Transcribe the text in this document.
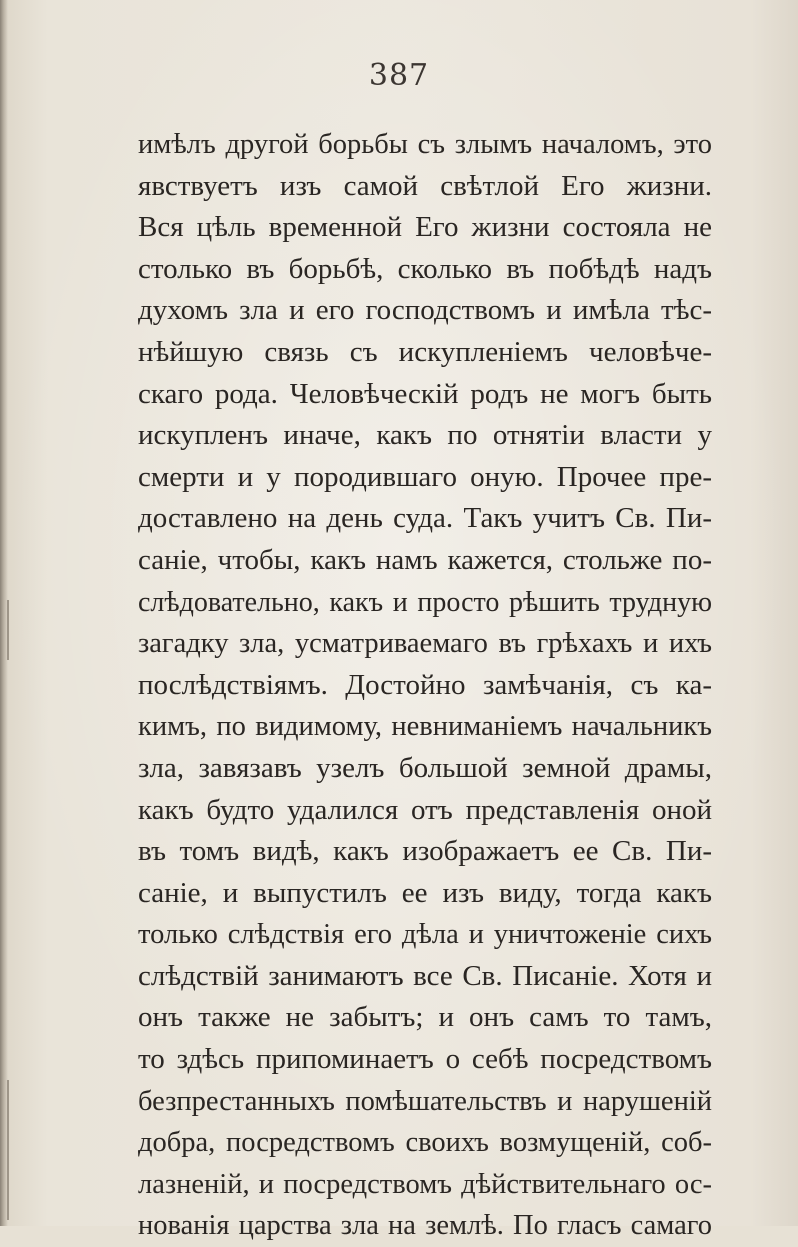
387
имѣлъ другой борьбы съ злымъ началомъ, это
явствуетъ изъ самой свѣтлой Его жизни.
Вся цѣль временной Его жизни состояла не
столько въ борьбѣ, сколько въ побѣдѣ надъ
духомъ зла и его господствомъ и имѣла тѣс-
нѣйшую связь съ искупленіемъ человѣче-
скаго рода. Человѣческій родъ не могъ быть
искупленъ иначе, какъ по отнятіи власти у
смерти и у породившаго оную. Прочее пре-
доставлено на день суда. Такъ учитъ Св. Пи-
саніе, чтобы, какъ намъ кажется, стольже по-
слѣдовательно, какъ и просто рѣшить трудную
загадку зла, усматриваемаго въ грѣхахъ и ихъ
послѣдствіямъ. Достойно замѣчанія, съ ка-
кимъ, по видимому, невниманіемъ начальникъ
зла, завязавъ узелъ большой земной драмы,
какъ будто удалился отъ представленія оной
въ томъ видѣ, какъ изображаетъ ее Св. Пи-
саніе, и выпустилъ ее изъ виду, тогда какъ
только слѣдствія его дѣла и уничтоженіе сихъ
слѣдствій занимаютъ все Св. Писаніе. Хотя и
онъ также не забытъ; и онъ самъ то тамъ,
то здѣсь припоминаетъ о себѣ посредствомъ
безпрестанныхъ помѣшательствъ и нарушеній
добра, посредствомъ своихъ возмущеній, соб-
лазненій, и посредствомъ дѣйствительнаго ос-
нованія царства зла на землѣ. По гласъ самаго
